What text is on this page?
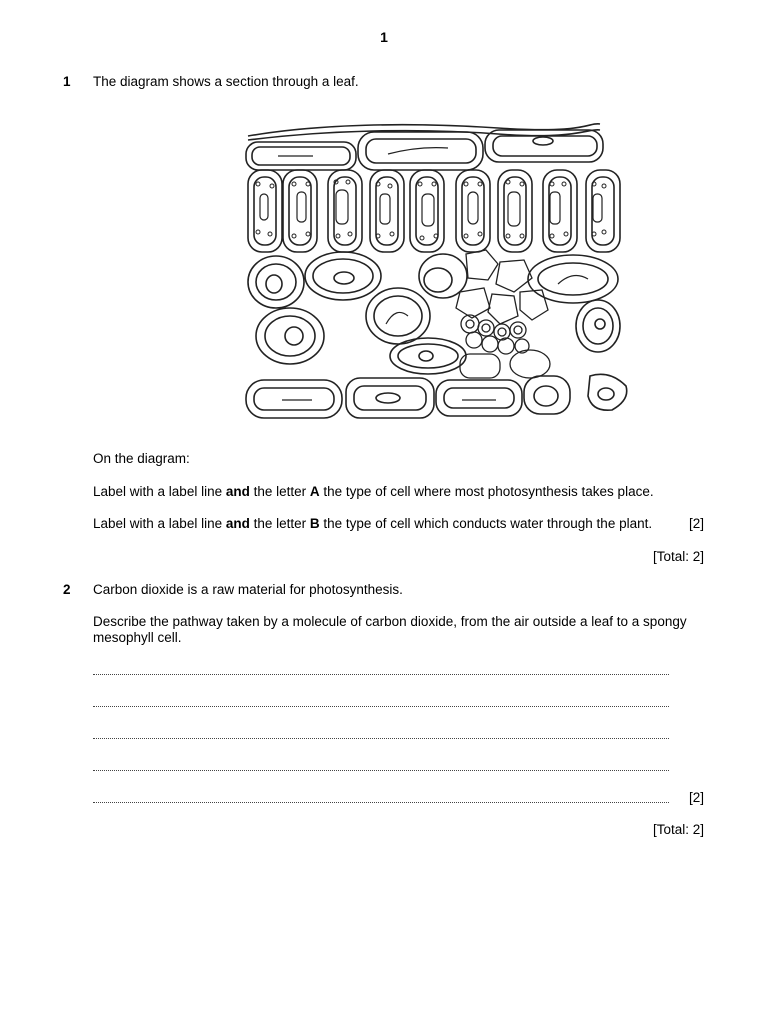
1
1 The diagram shows a section through a leaf.
On the diagram:
Label with a label line and the letter A the type of cell where most photosynthesis takes place.
Label with a label line and the letter B the type of cell which conducts water through the plant.	[2]
[Total: 2]
2 Carbon dioxide is a raw material for photosynthesis.
Describe the pathway taken by a molecule of carbon dioxide, from the air outside a leaf to a spongy mesophyll cell.
[2]
[Total: 2]
